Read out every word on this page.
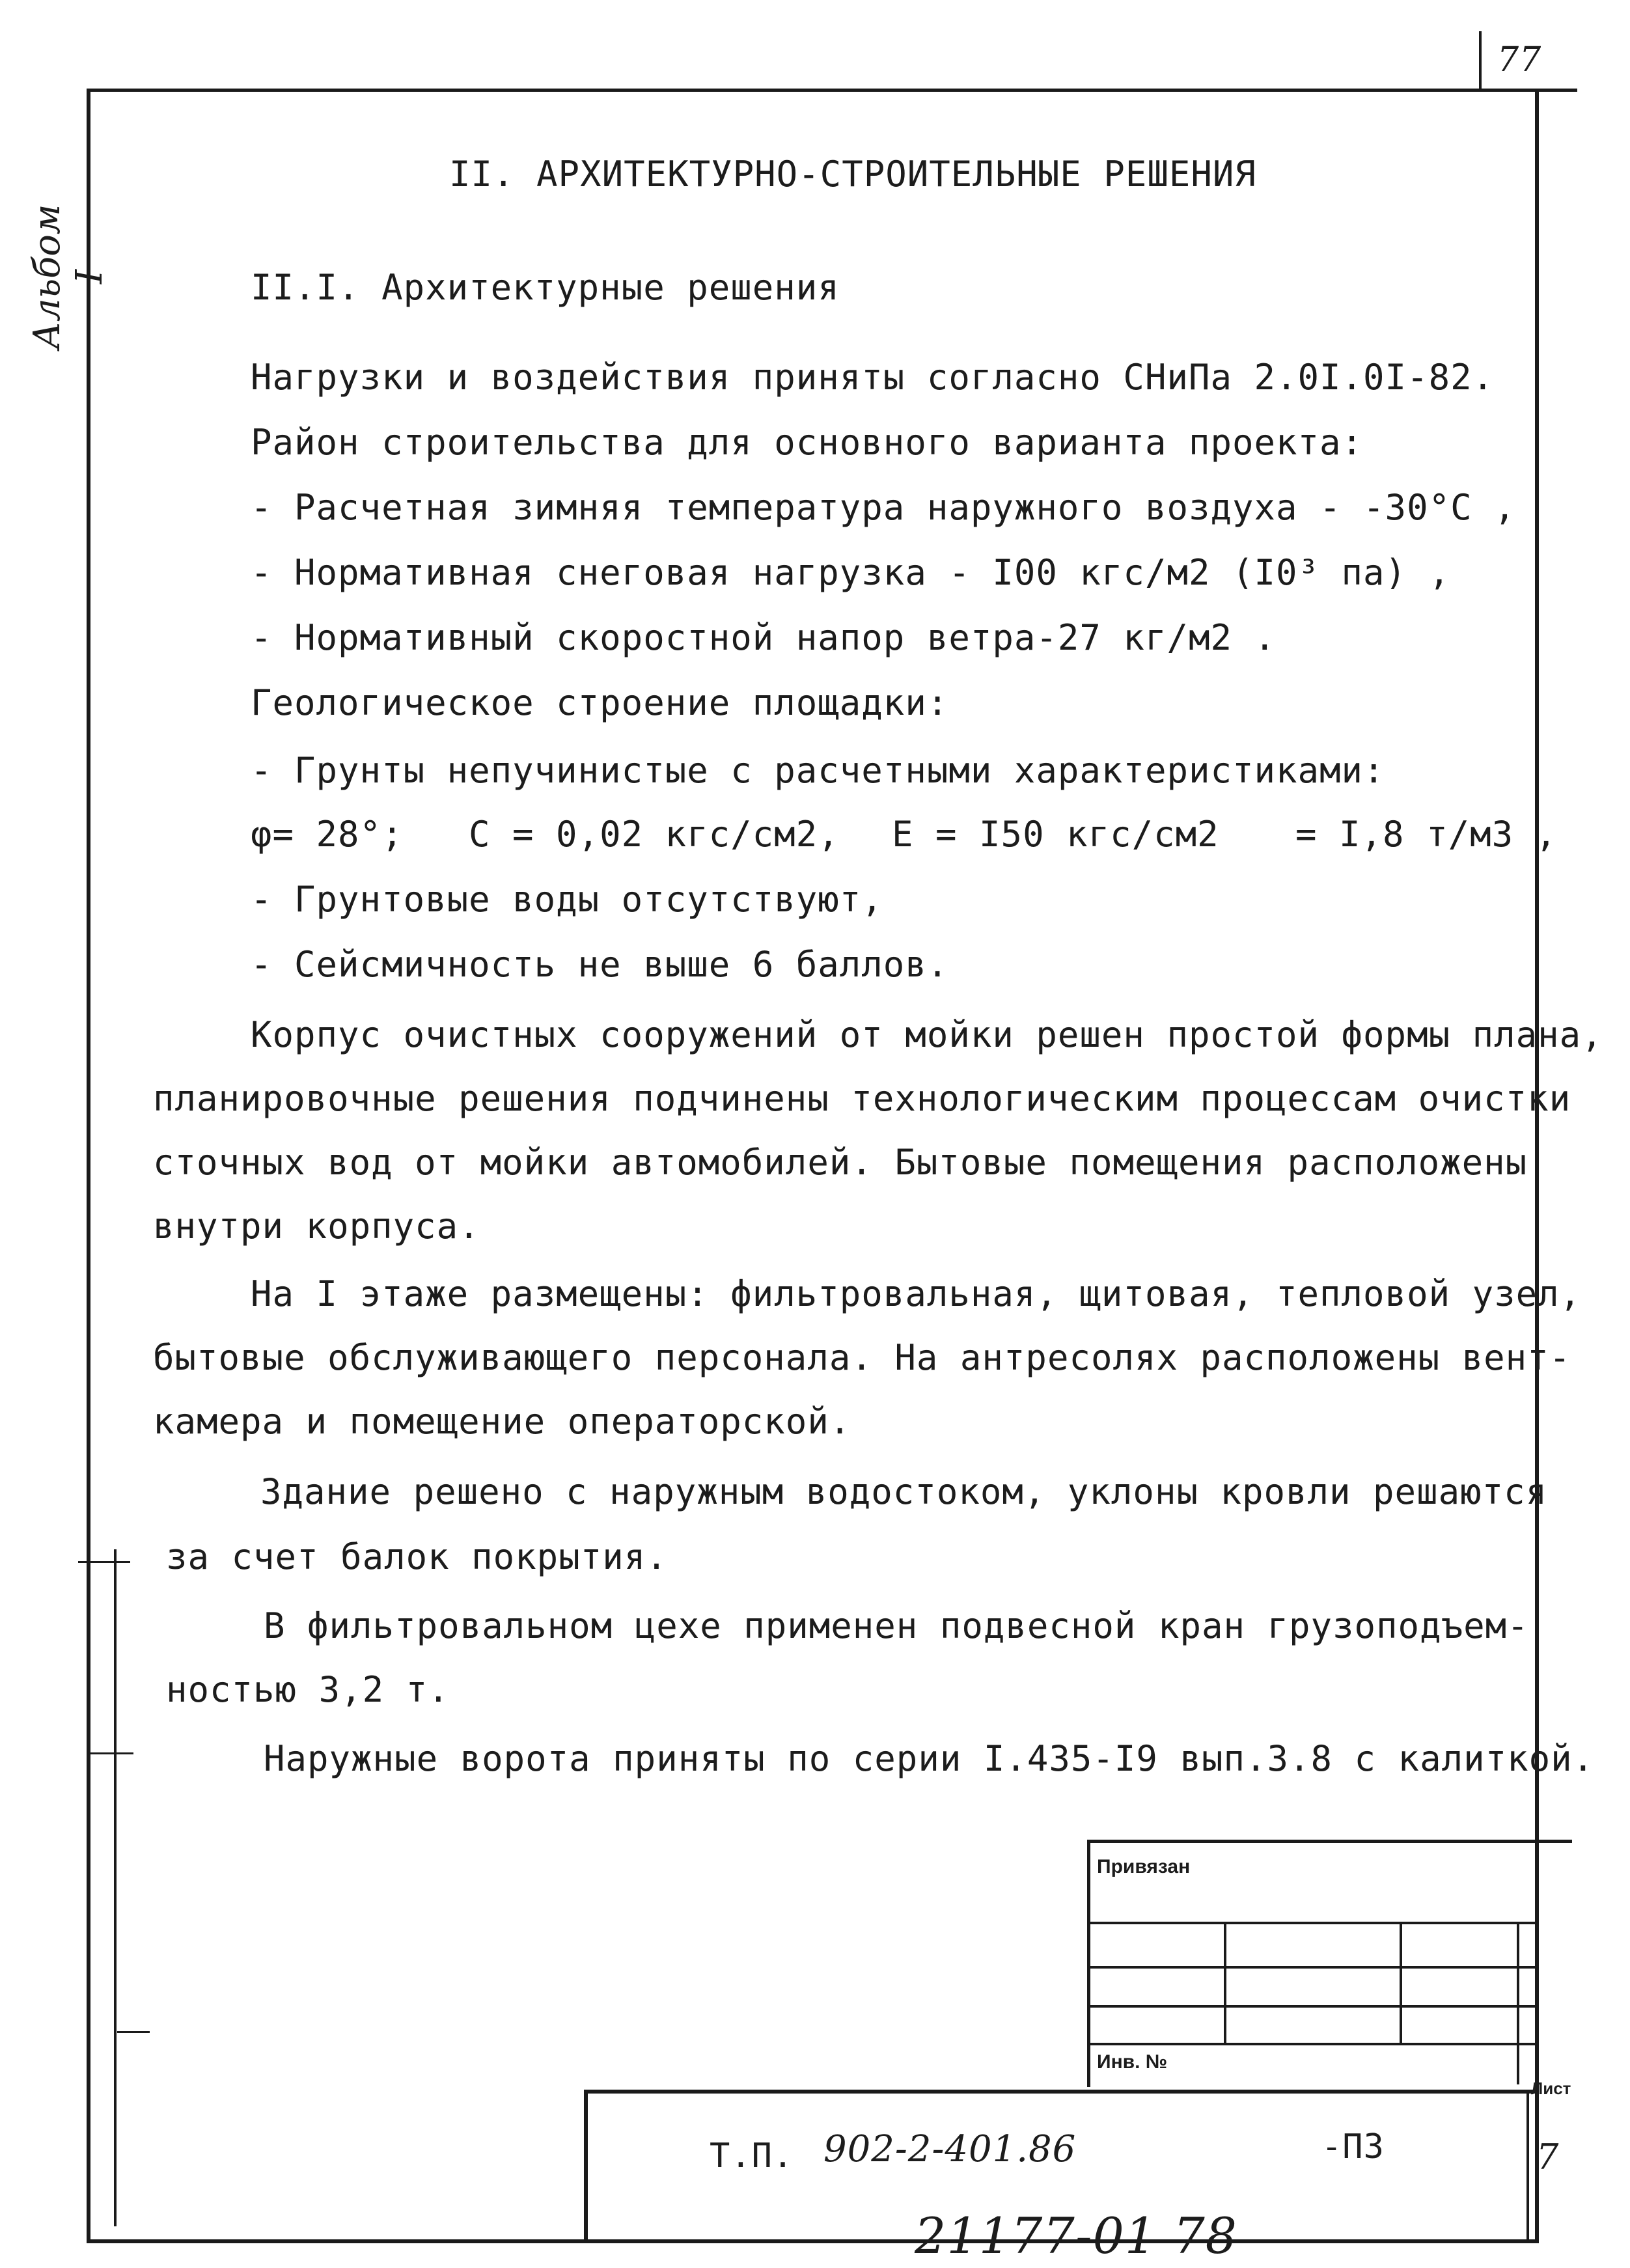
77
Альбом I
II. АРХИТЕКТУРНО-СТРОИТЕЛЬНЫЕ РЕШЕНИЯ
II.I. Архитектурные решения
Нагрузки и воздействия приняты согласно СНиПа 2.0I.0I-82.
Район строительства для основного варианта проекта:
- Расчетная зимняя температура наружного воздуха - -30°С ,
- Нормативная снеговая нагрузка - I00 кгс/м2 (I0³ па) ,
- Нормативный скоростной напор ветра-27 кг/м2 .
Геологическое строение площадки:
- Грунты непучинистые с расчетными характеристиками:
φ= 28°; С = 0,02 кгс/см2, Е = I50 кгс/см2 = I,8 т/м3 ,
- Грунтовые воды отсутствуют,
- Сейсмичность не выше 6 баллов.
Корпус очистных сооружений от мойки решен простой формы плана,
планировочные решения подчинены технологическим процессам очистки
сточных вод от мойки автомобилей. Бытовые помещения расположены
внутри корпуса.
На I этаже размещены: фильтровальная, щитовая, тепловой узел,
бытовые обслуживающего персонала. На антресолях расположены вент-
камера и помещение операторской.
Здание решено с наружным водостоком, уклоны кровли решаются
за счет балок покрытия.
В фильтровальном цехе применен подвесной кран грузоподъем-
ностью 3,2 т.
Наружные ворота приняты по серии I.435-I9 вып.3.8 с калиткой.
Привязан
Инв. №
Т.П. 902-2-401.86	-ПЗ
Лист
7
21177-01 78
